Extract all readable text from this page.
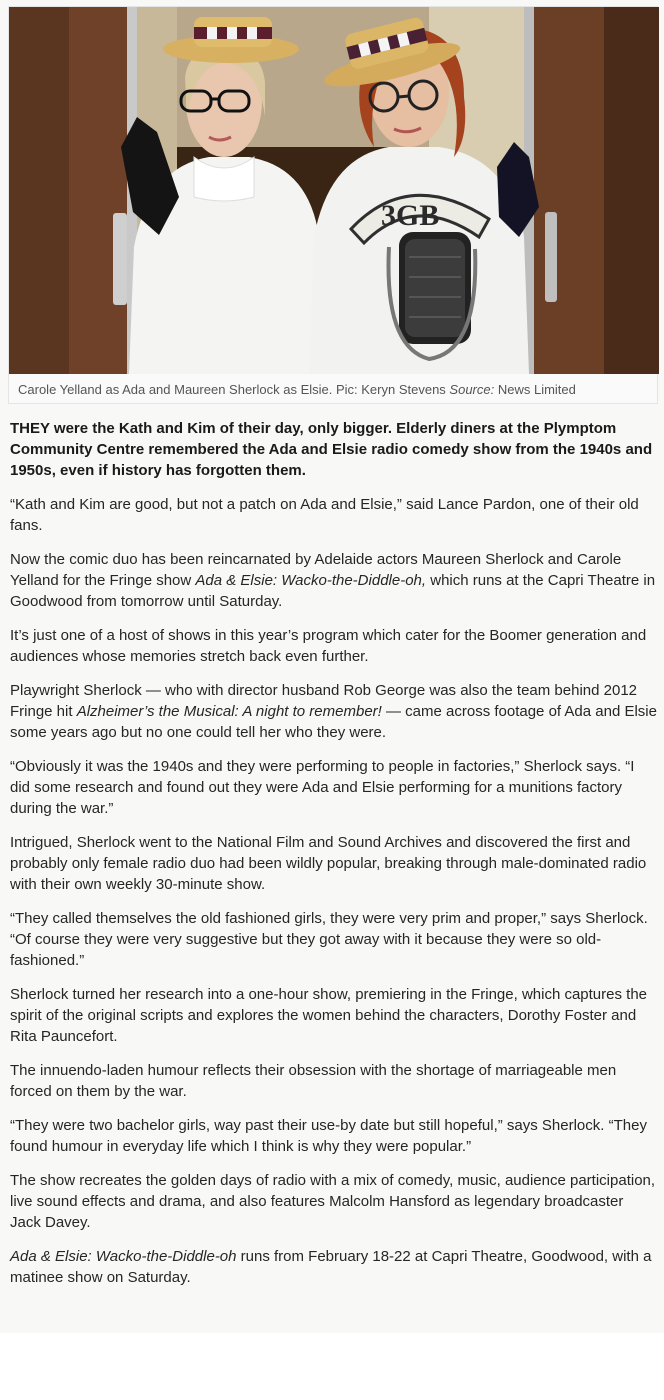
3GB
Carole Yelland as Ada and Maureen Sherlock as Elsie. Pic: Keryn Stevens Source: News Limited

THEY were the Kath and Kim of their day, only bigger. Elderly diners at the Plymptom Community Centre remembered the Ada and Elsie radio comedy show from the 1940s and 1950s, even if history has forgotten them.

“Kath and Kim are good, but not a patch on Ada and Elsie,” said Lance Pardon, one of their old fans.

Now the comic duo has been reincarnated by Adelaide actors Maureen Sherlock and Carole Yelland for the Fringe show Ada & Elsie: Wacko-the-Diddle-oh, which runs at the Capri Theatre in Goodwood from tomorrow until Saturday.

It’s just one of a host of shows in this year’s program which cater for the Boomer generation and audiences whose memories stretch back even further.

Playwright Sherlock — who with director husband Rob George was also the team behind 2012 Fringe hit Alzheimer’s the Musical: A night to remember! — came across footage of Ada and Elsie some years ago but no one could tell her who they were.

“Obviously it was the 1940s and they were performing to people in factories,” Sherlock says. “I did some research and found out they were Ada and Elsie performing for a munitions factory during the war.”

Intrigued, Sherlock went to the National Film and Sound Archives and discovered the first and probably only female radio duo had been wildly popular, breaking through male-dominated radio with their own weekly 30-minute show.

“They called themselves the old fashioned girls, they were very prim and proper,” says Sherlock. “Of course they were very suggestive but they got away with it because they were so old-fashioned.”

Sherlock turned her research into a one-hour show, premiering in the Fringe, which captures the spirit of the original scripts and explores the women behind the characters, Dorothy Foster and Rita Pauncefort.

The innuendo-laden humour reflects their obsession with the shortage of marriageable men forced on them by the war.

“They were two bachelor girls, way past their use-by date but still hopeful,” says Sherlock. “They found humour in everyday life which I think is why they were popular.”

The show recreates the golden days of radio with a mix of comedy, music, audience participation, live sound effects and drama, and also features Malcolm Hansford as legendary broadcaster Jack Davey.

Ada & Elsie: Wacko-the-Diddle-oh runs from February 18-22 at Capri Theatre, Goodwood, with a matinee show on Saturday.
